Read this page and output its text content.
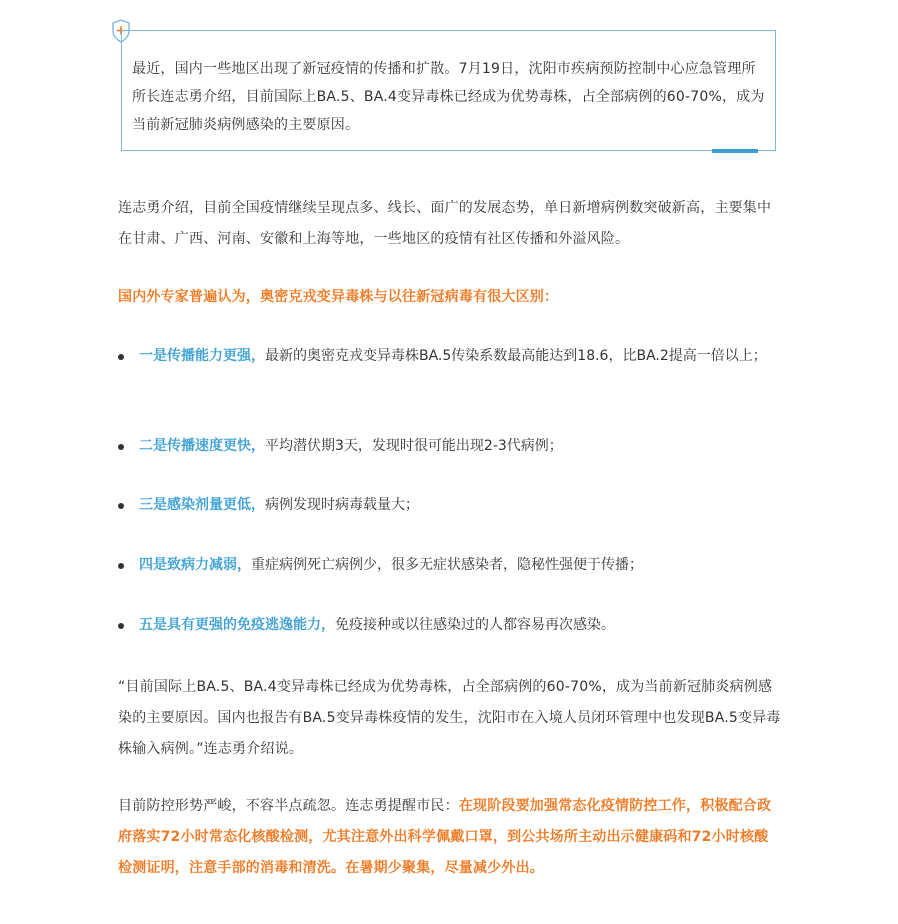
最近，国内一些地区出现了新冠疫情的传播和扩散。7月19日，沈阳市疾病预防控制中心应急管理所所长连志勇介绍，目前国际上BA.5、BA.4变异毒株已经成为优势毒株，占全部病例的60-70%，成为当前新冠肺炎病例感染的主要原因。
连志勇介绍，目前全国疫情继续呈现点多、线长、面广的发展态势，单日新增病例数突破新高，主要集中在甘肃、广西、河南、安徽和上海等地，一些地区的疫情有社区传播和外溢风险。
国内外专家普遍认为，奥密克戎变异毒株与以往新冠病毒有很大区别：
一是传播能力更强，最新的奥密克戎变异毒株BA.5传染系数最高能达到18.6，比BA.2提高一倍以上；
二是传播速度更快，平均潜伏期3天，发现时很可能出现2-3代病例；
三是感染剂量更低，病例发现时病毒载量大；
四是致病力减弱，重症病例死亡病例少，很多无症状感染者，隐秘性强便于传播；
五是具有更强的免疫逃逸能力，免疫接种或以往感染过的人都容易再次感染。
“目前国际上BA.5、BA.4变异毒株已经成为优势毒株，占全部病例的60-70%，成为当前新冠肺炎病例感染的主要原因。国内也报告有BA.5变异毒株疫情的发生，沈阳市在入境人员闭环管理中也发现BA.5变异毒株输入病例。”连志勇介绍说。
目前防控形势严峻，不容半点疏忽。连志勇提醒市民：在现阶段要加强常态化疫情防控工作，积极配合政府落实72小时常态化核酸检测，尤其注意外出科学佩戴口罩，到公共场所主动出示健康码和72小时核酸检测证明，注意手部的消毒和清洗。在暑期少聚集，尽量减少外出。
